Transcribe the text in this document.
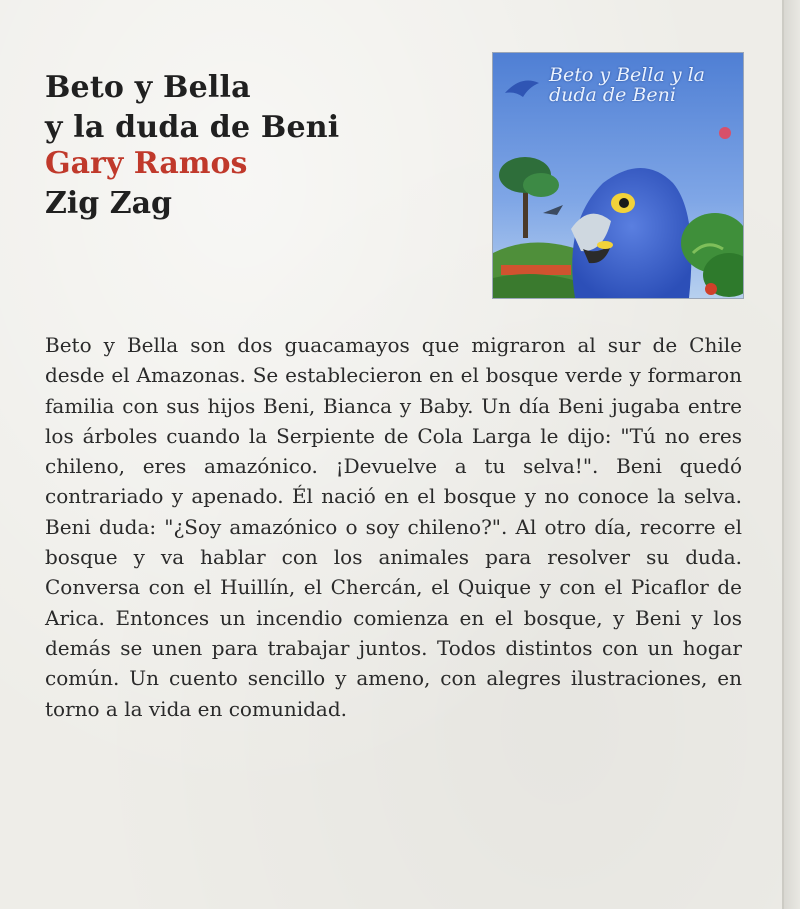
Beto y Bella
y la duda de Beni

Gary Ramos

Zig Zag

Beto y Bella y la duda de Beni

Beto y Bella son dos guacamayos que migraron al sur de Chile desde el Amazonas. Se establecieron en el bosque verde y formaron familia con sus hijos Beni, Bianca y Baby. Un día Beni jugaba entre los árboles cuando la Serpiente de Cola Larga le dijo: "Tú no eres chileno, eres amazónico. ¡Devuelve a tu selva!". Beni quedó contrariado y apenado. Él nació en el bosque y no conoce la selva. Beni duda: "¿Soy amazónico o soy chileno?". Al otro día, recorre el bosque y va hablar con los animales para resolver su duda. Conversa con el Huillín, el Chercán, el Quique y con el Picaflor de Arica. Entonces un incendio comienza en el bosque, y Beni y los demás se unen para trabajar juntos. Todos distintos con un hogar común. Un cuento sencillo y ameno, con alegres ilustraciones, en torno a la vida en comunidad.
